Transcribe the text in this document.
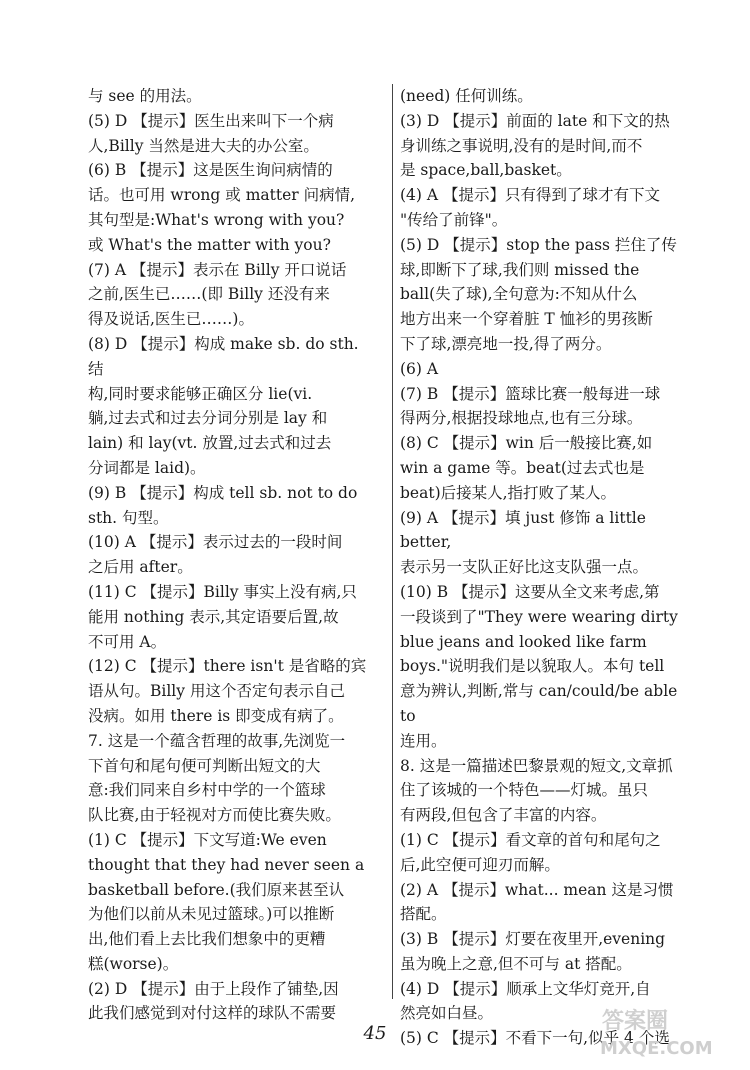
与 see 的用法。
(5) D 【提示】医生出来叫下一个病
人,Billy 当然是进大夫的办公室。
(6) B 【提示】这是医生询问病情的
话。也可用 wrong 或 matter 问病情,
其句型是:What's wrong with you?
或 What's the matter with you?
(7) A 【提示】表示在 Billy 开口说话
之前,医生已……(即 Billy 还没有来
得及说话,医生已……)。
(8) D 【提示】构成 make sb. do sth. 结
构,同时要求能够正确区分 lie(vi.
躺,过去式和过去分词分别是 lay 和
lain) 和 lay(vt. 放置,过去式和过去
分词都是 laid)。
(9) B 【提示】构成 tell sb. not to do
sth. 句型。
(10) A 【提示】表示过去的一段时间
之后用 after。
(11) C 【提示】Billy 事实上没有病,只
能用 nothing 表示,其定语要后置,故
不可用 A。
(12) C 【提示】there isn't 是省略的宾
语从句。Billy 用这个否定句表示自己
没病。如用 there is 即变成有病了。
7. 这是一个蕴含哲理的故事,先浏览一
下首句和尾句便可判断出短文的大
意:我们同来自乡村中学的一个篮球
队比赛,由于轻视对方而使比赛失败。
(1) C 【提示】下文写道:We even
thought that they had never seen a
basketball before.(我们原来甚至认
为他们以前从未见过篮球。)可以推断
出,他们看上去比我们想象中的更糟
糕(worse)。
(2) D 【提示】由于上段作了铺垫,因
此我们感觉到对付这样的球队不需要
(need) 任何训练。
(3) D 【提示】前面的 late 和下文的热
身训练之事说明,没有的是时间,而不
是 space,ball,basket。
(4) A 【提示】只有得到了球才有下文
"传给了前锋"。
(5) D 【提示】stop the pass 拦住了传
球,即断下了球,我们则 missed the
ball(失了球),全句意为:不知从什么
地方出来一个穿着脏 T 恤衫的男孩断
下了球,漂亮地一投,得了两分。
(6) A
(7) B 【提示】篮球比赛一般每进一球
得两分,根据投球地点,也有三分球。
(8) C 【提示】win 后一般接比赛,如
win a game 等。beat(过去式也是
beat)后接某人,指打败了某人。
(9) A 【提示】填 just 修饰 a little better,
表示另一支队正好比这支队强一点。
(10) B 【提示】这要从全文来考虑,第
一段谈到了"They were wearing dirty
blue jeans and looked like farm
boys."说明我们是以貌取人。本句 tell
意为辨认,判断,常与 can/could/be able to
连用。
8. 这是一篇描述巴黎景观的短文,文章抓
住了该城的一个特色——灯城。虽只
有两段,但包含了丰富的内容。
(1) C 【提示】看文章的首句和尾句之
后,此空便可迎刃而解。
(2) A 【提示】what... mean 这是习惯
搭配。
(3) B 【提示】灯要在夜里开,evening
虽为晚上之意,但不可与 at 搭配。
(4) D 【提示】顺承上文华灯竞开,自
然亮如白昼。
(5) C 【提示】不看下一句,似乎 4 个选
45	答案圈
MXQE.COM
